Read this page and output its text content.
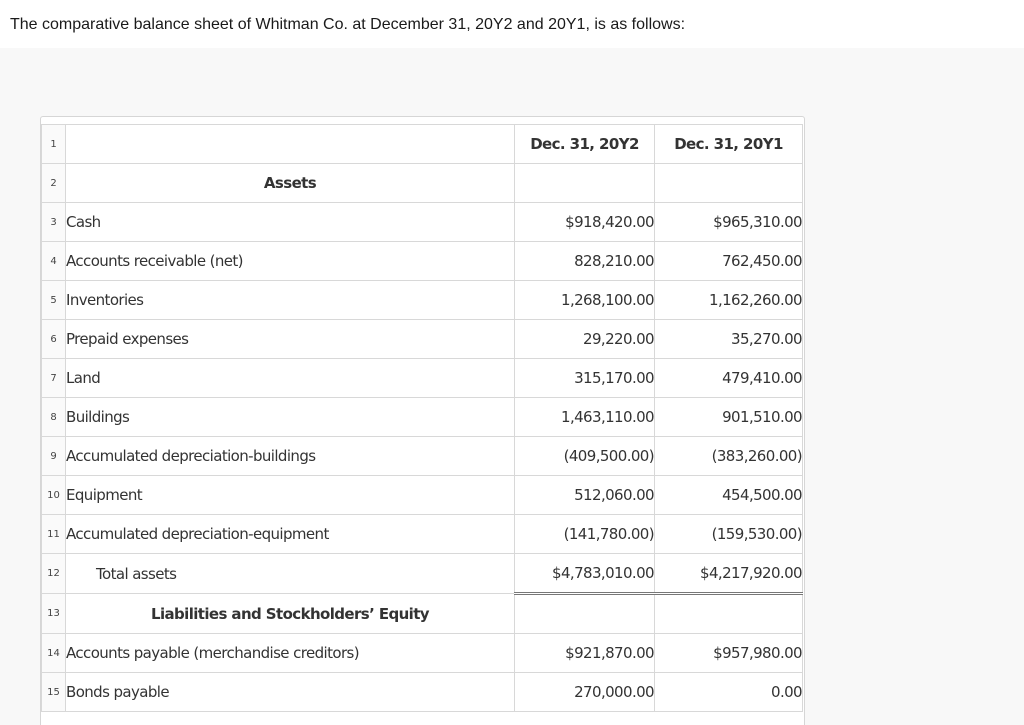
The comparative balance sheet of Whitman Co. at December 31, 20Y2 and 20Y1, is as follows:
1		Dec. 31, 20Y2	Dec. 31, 20Y1
2	Assets		
3	Cash	$918,420.00	$965,310.00
4	Accounts receivable (net)	828,210.00	762,450.00
5	Inventories	1,268,100.00	1,162,260.00
6	Prepaid expenses	29,220.00	35,270.00
7	Land	315,170.00	479,410.00
8	Buildings	1,463,110.00	901,510.00
9	Accumulated depreciation-buildings	(409,500.00)	(383,260.00)
10	Equipment	512,060.00	454,500.00
11	Accumulated depreciation-equipment	(141,780.00)	(159,530.00)
12	Total assets	$4,783,010.00	$4,217,920.00
13	Liabilities and Stockholders’ Equity		
14	Accounts payable (merchandise creditors)	$921,870.00	$957,980.00
15	Bonds payable	270,000.00	0.00
